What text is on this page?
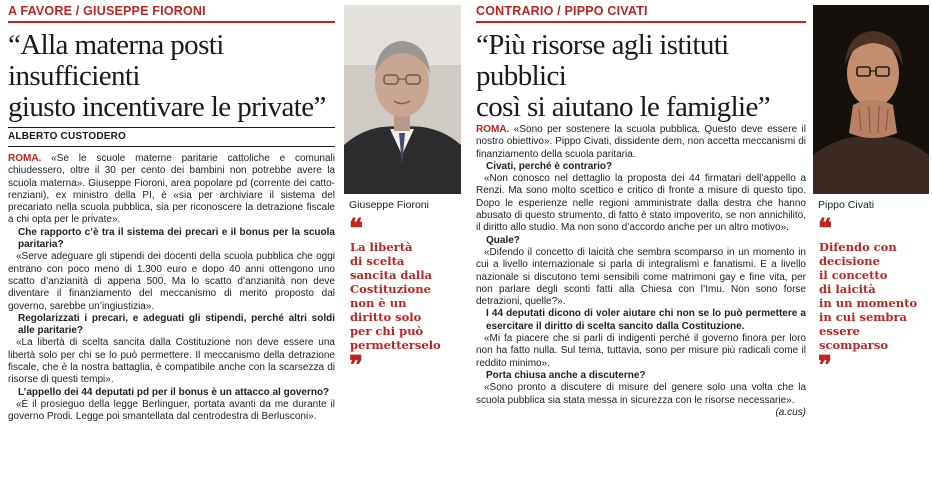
A FAVORE / GIUSEPPE FIORONI
“Alla materna posti insufficienti
giusto incentivare le private”
ALBERTO CUSTODERO

ROMA. «Se le scuole materne paritarie cattoliche e comunali chiudessero, oltre il 30 per cento dei bambini non potrebbe avere la scuola materna». Giuseppe Fioroni, area popolare pd (corrente dei catto-renziani), ex ministro della PI, è «sia per archiviare il sistema del precariato nella scuola pubblica, sia per riconoscere la detrazione fiscale a chi opta per le private».

Che rapporto c’è tra il sistema dei precari e il bonus per la scuola paritaria?

«Serve adeguare gli stipendi dei docenti della scuola pubblica che oggi entrano con poco meno di 1.300 euro e dopo 40 anni ottengono uno scatto d’anzianità di appena 500. Ma lo scatto d’anzianità non deve diventare il finanziamento del meccanismo di merito proposto dal governo, sarebbe un’ingiustizia».

Regolarizzati i precari, e adeguati gli stipendi, perché altri soldi alle paritarie?

«La libertà di scelta sancita dalla Costituzione non deve essere una libertà solo per chi se lo può permettere. Il meccanismo della detrazione fiscale, che è la nostra battaglia, è compatibile anche con la scarsezza di risorse di questi tempi».

L’appello dei 44 deputati pd per il bonus è un attacco al governo?

«È il prosieguo della legge Berlinguer, portata avanti da me durante il governo Prodi. Legge poi smantellata dal centrodestra di Berlusconi».

Giuseppe Fioroni
❝
La libertà
di scelta
sancita dalla
Costituzione
non è un
diritto solo
per chi può
permetterselo
❞
CONTRARIO / PIPPO CIVATI
“Più risorse agli istituti pubblici
così si aiutano le famiglie”

ROMA. «Sono per sostenere la scuola pubblica. Questo deve essere il nostro obiettivo». Pippo Civati, dissidente dem, non accetta meccanismi di finanziamento della scuola paritaria.

Civati, perché è contrario?

«Non conosco nel dettaglio la proposta dei 44 firmatari dell’appello a Renzi. Ma sono molto scettico e critico di fronte a misure di questo tipo. Dopo le esperienze nelle regioni amministrate dalla destra che hanno abusato di questo strumento, di fatto è stato impoverito, se non annichilito, il diritto allo studio. Ma non sono d’accordo anche per un altro motivo».

Quale?

«Difendo il concetto di laicità che sembra scomparso in un momento in cui a livello internazionale si parla di integralismi e fanatismi. E a livello nazionale si discutono temi sensibili come matrimoni gay e fine vita, per non parlare degli sconti fatti alla Chiesa con l’Imu. Non sono forse detrazioni, quelle?».

I 44 deputati dicono di voler aiutare chi non se lo può permettere a esercitare il diritto di scelta sancito dalla Costituzione.

«Mi fa piacere che si parli di indigenti perché il governo finora per loro non ha fatto nulla. Sul tema, tuttavia, sono per misure più radicali come il reddito minimo».

Porta chiusa anche a discuterne?

«Sono pronto a discutere di misure del genere solo una volta che la scuola pubblica sia stata messa in sicurezza con le risorse necessarie».
(a.cus)

Pippo Civati
❝
Difendo con
decisione
il concetto
di laicità
in un momento
in cui sembra
essere
scomparso
❞
